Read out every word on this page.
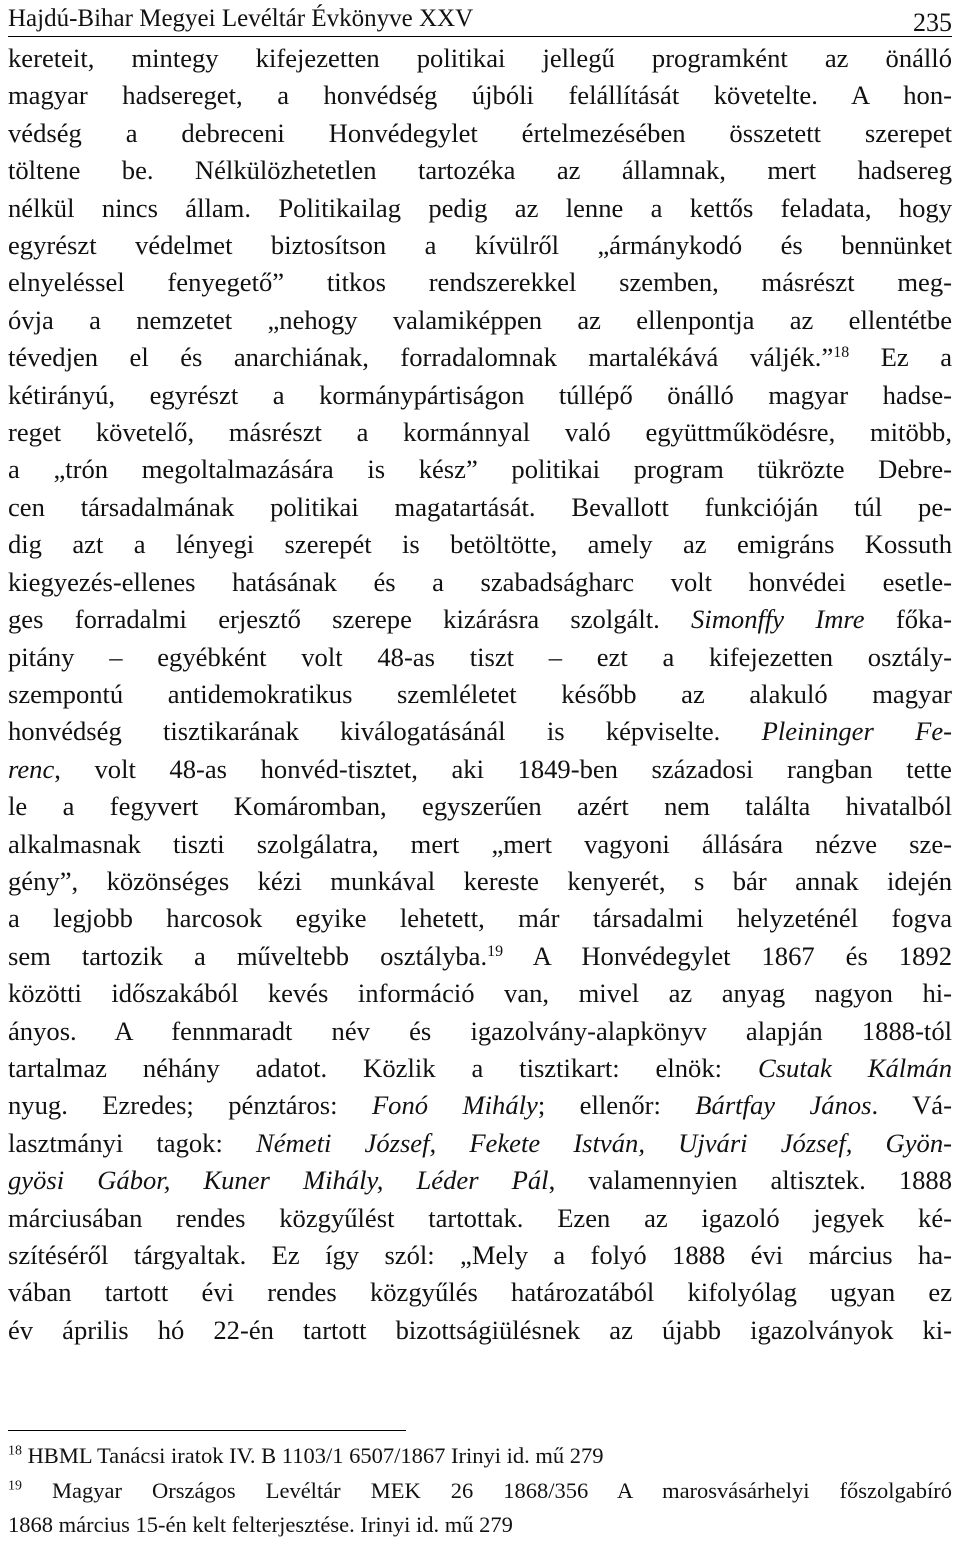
Hajdú-Bihar Megyei Levéltár Évkönyve XXV	235
kereteit, mintegy kifejezetten politikai jellegű programként az önálló
magyar hadsereget, a honvédség újbóli felállítását követelte. A hon-
védség a debreceni Honvédegylet értelmezésében összetett szerepet
töltene be. Nélkülözhetetlen tartozéka az államnak, mert hadsereg
nélkül nincs állam. Politikailag pedig az lenne a kettős feladata, hogy
egyrészt védelmet biztosítson a kívülről „ármánykodó és bennünket
elnyeléssel fenyegető” titkos rendszerekkel szemben, másrészt meg-
óvja a nemzetet „nehogy valamiképpen az ellenpontja az ellentétbe
tévedjen el és anarchiának, forradalomnak martalékává váljék.”$^{18}$ Ez a
kétirányú, egyrészt a kormánypártiságon túllépő önálló magyar hadse-
reget követelő, másrészt a kormánnyal való együttműködésre, mitöbb,
a „trón megoltalmazására is kész” politikai program tükrözte Debre-
cen társadalmának politikai magatartását. Bevallott funkcióján túl pe-
dig azt a lényegi szerepét is betöltötte, amely az emigráns Kossuth
kiegyezés-ellenes hatásának és a szabadságharc volt honvédei esetle-
ges forradalmi erjesztő szerepe kizárásra szolgált. Simonffy Imre főka-
pitány – egyébként volt 48-as tiszt – ezt a kifejezetten osztály-
szempontú antidemokratikus szemléletet később az alakuló magyar
honvédség tisztikarának kiválogatásánál is képviselte. Pleininger Fe-
renc, volt 48-as honvéd-tisztet, aki 1849-ben századosi rangban tette
le a fegyvert Komáromban, egyszerűen azért nem találta hivatalból
alkalmasnak tiszti szolgálatra, mert „mert vagyoni állására nézve sze-
gény”, közönséges kézi munkával kereste kenyerét, s bár annak idején
a legjobb harcosok egyike lehetett, már társadalmi helyzeténél fogva
sem tartozik a műveltebb osztályba.$^{19}$ A Honvédegylet 1867 és 1892
közötti időszakából kevés információ van, mivel az anyag nagyon hi-
ányos. A fennmaradt név és igazolvány-alapkönyv alapján 1888-tól
tartalmaz néhány adatot. Közlik a tisztikart: elnök: Csutak Kálmán
nyug. Ezredes; pénztáros: Fonó Mihály; ellenőr: Bártfay János. Vá-
lasztmányi tagok: Németi József, Fekete István, Ujvári József, Gyön-
gyösi Gábor, Kuner Mihály, Léder Pál, valamennyien altisztek. 1888
márciusában rendes közgyűlést tartottak. Ezen az igazoló jegyek ké-
szítéséről tárgyaltak. Ez így szól: „Mely a folyó 1888 évi március ha-
vában tartott évi rendes közgyűlés határozatából kifolyólag ugyan ez
év április hó 22-én tartott bizottságiülésnek az újabb igazolványok ki-
$^{18}$ HBML Tanácsi iratok IV. B 1103/1 6507/1867 Irinyi id. mű 279
$^{19}$ Magyar Országos Levéltár MEK 26 1868/356 A marosvásárhelyi főszolgabíró
1868 március 15-én kelt felterjesztése. Irinyi id. mű 279
